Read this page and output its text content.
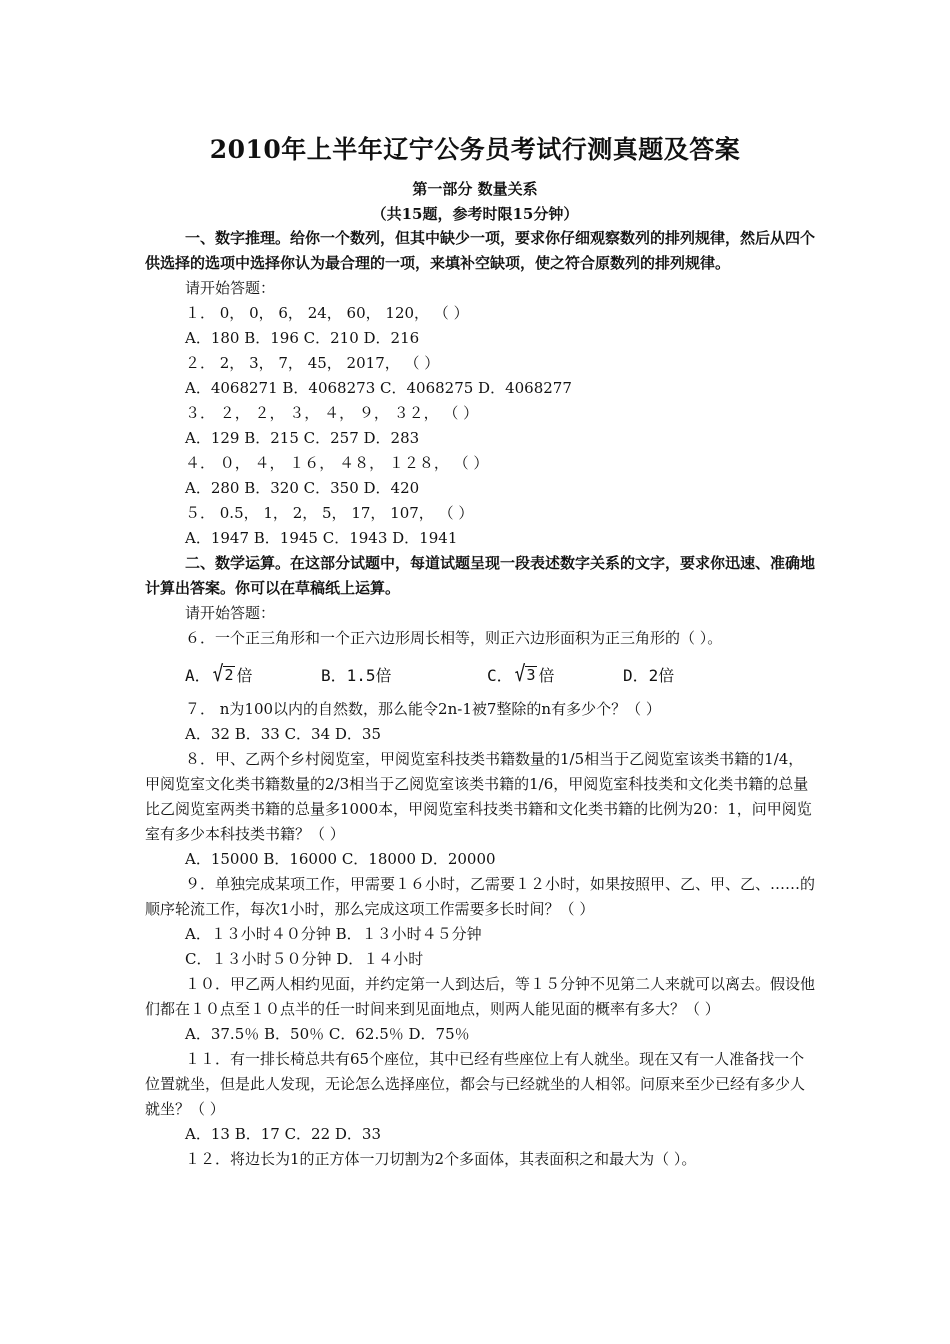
2010年上半年辽宁公务员考试行测真题及答案
第一部分 数量关系
（共15题，参考时限15分钟）

一、数字推理。给你一个数列，但其中缺少一项，要求你仔细观察数列的排列规律，然后从四个供选择的选项中选择你认为最合理的一项，来填补空缺项，使之符合原数列的排列规律。

请开始答题：

１． 0， 0， 6， 24， 60， 120， （ ）

A．180 B．196 C．210 D．216

２． 2， 3， 7， 45， 2017， （ ）

A．4068271 B．4068273 C．4068275 D．4068277

３． ２， ２， ３， ４， ９， ３２， （ ）

A．129 B．215 C．257 D．283

４． ０， ４， １６， ４８， １２８， （ ）

A．280 B．320 C．350 D．420

５． 0.5， 1， 2， 5， 17， 107， （ ）

A．1947 B．1945 C．1943 D．1941

二、数学运算。在这部分试题中，每道试题呈现一段表述数字关系的文字，要求你迅速、准确地计算出答案。你可以在草稿纸上运算。

请开始答题：

６．一个正三角形和一个正六边形周长相等，则正六边形面积为正三角形的（ ）。

A． √ 2 倍	B．1.5倍	C． √ 3 倍	D．2倍

７． n为100以内的自然数，那么能令2n-1被7整除的n有多少个？（ ）

A．32 B．33 C．34 D．35

８．甲、乙两个乡村阅览室，甲阅览室科技类书籍数量的1/5相当于乙阅览室该类书籍的1/4，甲阅览室文化类书籍数量的2/3相当于乙阅览室该类书籍的1/6，甲阅览室科技类和文化类书籍的总量比乙阅览室两类书籍的总量多1000本，甲阅览室科技类书籍和文化类书籍的比例为20：1，问甲阅览室有多少本科技类书籍？（ ）

A．15000 B．16000 C．18000 D．20000

９．单独完成某项工作，甲需要１６小时，乙需要１２小时，如果按照甲、乙、甲、乙、……的顺序轮流工作，每次1小时，那么完成这项工作需要多长时间？（ ）

A．１３小时４０分钟 B．１３小时４５分钟

C．１３小时５０分钟 D．１４小时

１０．甲乙两人相约见面，并约定第一人到达后，等１５分钟不见第二人来就可以离去。假设他们都在１０点至１０点半的任一时间来到见面地点，则两人能见面的概率有多大？（ ）

A．37.5％ B．50％ C．62.5％ D．75％

１１．有一排长椅总共有65个座位，其中已经有些座位上有人就坐。现在又有一人准备找一个位置就坐，但是此人发现，无论怎么选择座位，都会与已经就坐的人相邻。问原来至少已经有多少人就坐？（ ）

A．13 B．17 C．22 D．33

１２．将边长为1的正方体一刀切割为2个多面体，其表面积之和最大为（ ）。
